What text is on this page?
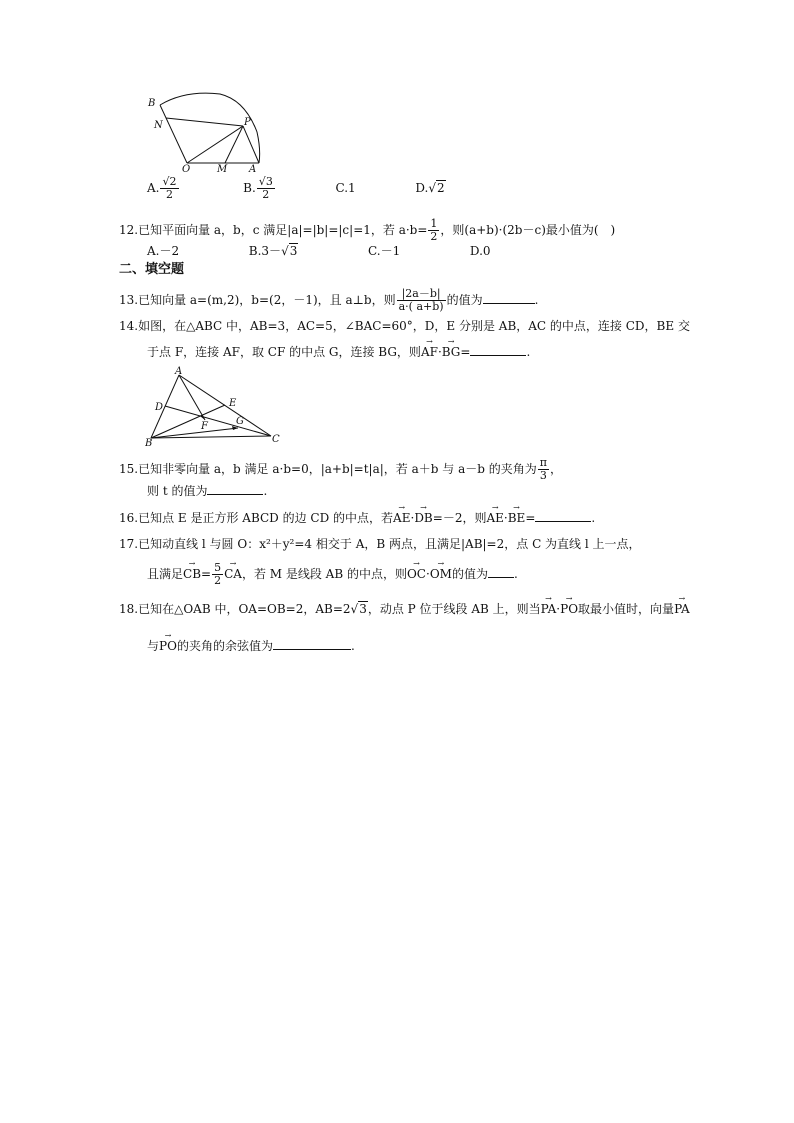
B
N	P
O	M A
A. $\frac{√2}{2}$	B. $\frac{√3}{2}$	C.1	D.√2
12.已知平面向量 a，b，c 满足|a|=|b|=|c|=1，若 $a\cdot b= \frac{1}{2}$ ，则(a+b)·(2b－c)最小值为(　)
A.－2	B.3－√3	C.－1	D.0
二、填空题
13.已知向量 a=(m,2)，b=(2，－1)，且 a⊥b，则 $\frac{|2a-b|}{a\cdot( a+b)}$ 的值为	.
14.如图，在△ABC 中，AB=3，AC=5，∠BAC=60°，D，E 分别是 AB，AC 的中点，连接 CD，BE 交
于点 F，连接 AF，取 CF 的中点 G，连接 BG，则→ AF·→ BG=	.
A
D	E
F	G
B	C
15.已知非零向量 a，b 满足 a·b=0，|a+b|=t|a|，若 a＋b 与 a－b 的夹角为 $\frac{\pi}{3}$ ，
则 t 的值为	.
16.已知点 E 是正方形 ABCD 的边 CD 的中点，若→ AE·→ DB=－2，则→ AE·→ BE=	.
17.已知动直线 l 与圆 O：x²＋y²=4 相交于 A，B 两点，且满足|AB|=2，点 C 为直线 l 上一点，
且满足→ $CB= \frac{5}{2}$
→ CA，若 M 是线段 AB 的中点，则→ OC·→ OM的值为 .
18.已知在△OAB 中，OA=OB=2，AB=2√3，动点 P 位于线段 AB 上，则当→ PA·→ PO取最小值时，向量→ PA
与→ PO的夹角的余弦值为	.
